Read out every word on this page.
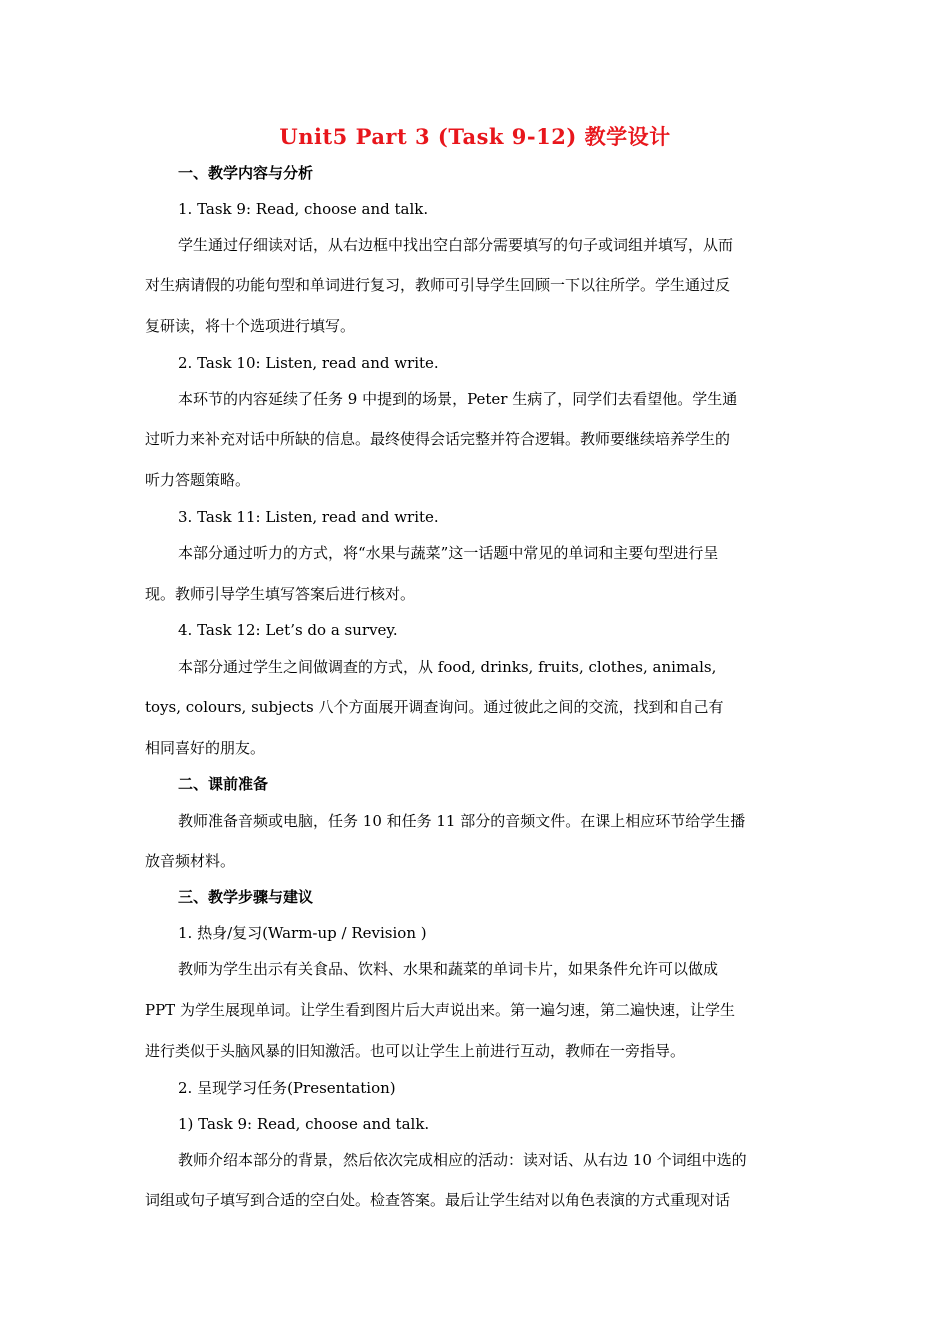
Unit5 Part 3 (Task 9-12) 教学设计
一、教学内容与分析
1. Task 9: Read, choose and talk.
学生通过仔细读对话，从右边框中找出空白部分需要填写的句子或词组并填写，从而
对生病请假的功能句型和单词进行复习，教师可引导学生回顾一下以往所学。学生通过反
复研读，将十个选项进行填写。
2. Task 10: Listen, read and write.
本环节的内容延续了任务 9 中提到的场景，Peter 生病了，同学们去看望他。学生通
过听力来补充对话中所缺的信息。最终使得会话完整并符合逻辑。教师要继续培养学生的
听力答题策略。
3. Task 11: Listen, read and write.
本部分通过听力的方式，将“水果与蔬菜”这一话题中常见的单词和主要句型进行呈
现。教师引导学生填写答案后进行核对。
4. Task 12: Let’s do a survey.
本部分通过学生之间做调查的方式，从 food, drinks, fruits, clothes, animals,
toys, colours, subjects 八个方面展开调查询问。通过彼此之间的交流，找到和自己有
相同喜好的朋友。
二、课前准备
教师准备音频或电脑，任务 10 和任务 11 部分的音频文件。在课上相应环节给学生播
放音频材料。
三、教学步骤与建议
1. 热身/复习(Warm-up / Revision )
教师为学生出示有关食品、饮料、水果和蔬菜的单词卡片，如果条件允许可以做成
PPT 为学生展现单词。让学生看到图片后大声说出来。第一遍匀速，第二遍快速，让学生
进行类似于头脑风暴的旧知激活。也可以让学生上前进行互动，教师在一旁指导。
2. 呈现学习任务(Presentation)
1) Task 9: Read, choose and talk.
教师介绍本部分的背景，然后依次完成相应的活动：读对话、从右边 10 个词组中选的
词组或句子填写到合适的空白处。检查答案。最后让学生结对以角色表演的方式重现对话
